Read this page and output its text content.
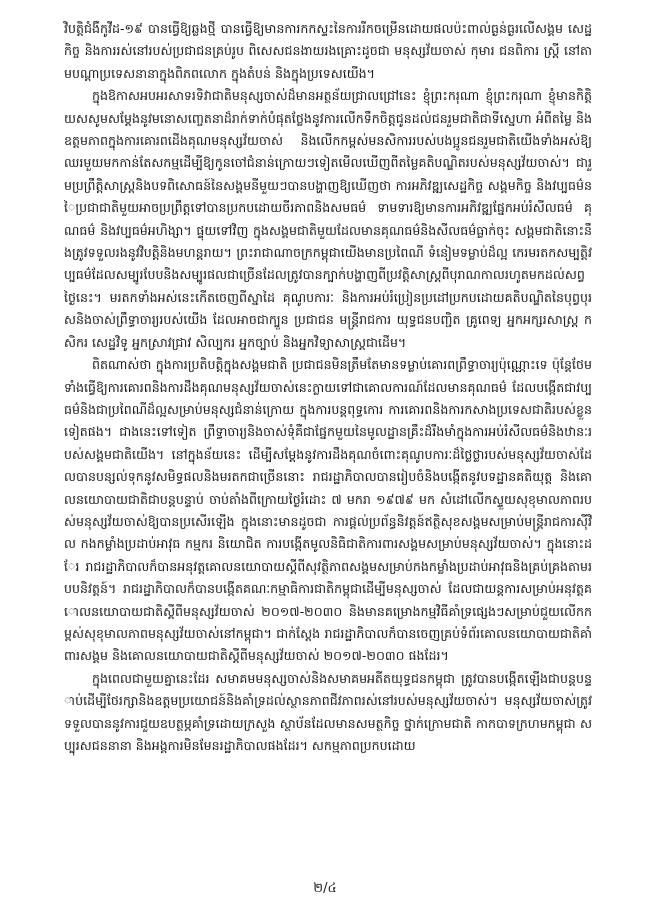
វិបត្តិជំងឺកូវីដ-១៩ បានធ្វើឱ្យឆ្លងថ្មី បានធ្វើឱ្យមានការកកស្ទះនៃការរីកចម្រើនដោយផលប៉ះពាល់ធ្ងន់ធ្ងរលើសង្គម សេដ្ឋកិច្ច និងការរស់នៅរបស់ប្រជាជនគ្រប់រូប ពិសេសជនងាយរងគ្រោះដូចជា មនុស្សវ័យចាស់ កុមារ ជនពិការ ស្ត្រី នៅតាមបណ្តាប្រទេសនានាក្នុងពិភពលោក ក្នុងតំបន់ និងក្នុងប្រទេសយើង។

ក្នុងឱកាសអបអរសាទរទិវាជាតិមនុស្សចាស់ដ៏មានអត្ថន័យជ្រាលជ្រៅនេះ ខ្ញុំព្រះករុណា ខ្ញុំព្រះករុណា ខ្ញុំមានកិត្តិយសសូមសម្តែងនូវមនោសញ្ចេតនាដ៏រាក់ទាក់បំផុតថ្លែងនូវការលើកទឹកចិត្តជូនដល់ជនរួមជាតិជាទីស្នេហា អំពីតម្លៃ និងឧត្តមភាពក្នុងការគោរពដើងគុណមនុស្សវ័យចាស់ និងលើកកម្ពស់មនសិការរបស់បងប្អូនជនរួមជាតិយើងទាំងអស់ឱ្យឈរមួយមកកាន់តែសកម្មដើម្បីឱ្យកូនចៅជំនាន់ក្រោយៗទៀតមើលឃើញពីតម្លៃគតិបណ្ឌិតរបស់មនុស្សវ័យចាស់។ ជារួមប្រព្រឹត្តិសាស្ត្រនិងបទពិសោធន៍នៃសង្គមនីមួយៗបានបង្ហាញឱ្យឃើញថា ការអភិវឌ្ឍសេដ្ឋកិច្ច សង្គមកិច្ច និងវប្បធម៌នៃប្រជាជាតិមួយអាចប្រព្រឹត្តទៅបានប្រកបដោយចីរភាពនិងសមធម៌ ទាមទារឱ្យមានការអភិវឌ្ឍផ្នែកអប់រំសីលធម៌ គុណធម៌ និងវប្បធម៌អហិង្សា។ ផ្ទុយទៅវិញ ក្នុងសង្គមជាតិមួយដែលមានគុណធម៌និងសីលធម៌ធ្លាក់ចុះ សង្គមជាតិនោះនឹងត្រូវទទួលរងនូវវិបត្តិនិងមហន្តរាយ។ ព្រះរាជាណាចក្រកម្ពុជាយើងមានប្រពៃណី ទំនៀមទម្លាប់ដ៏ល្អ កេរមរតកសម្បត្តិវប្បធម៌ដែលសម្បូរបែបនិងសម្បូរផលជាច្រើនដែលត្រូវបានក្បាក់បង្ហាញពីប្រវត្តិសាស្ត្រពីបុរាណកាលរហូតមកដល់សព្វថ្ងៃនេះ។ មរតកទាំងអស់នេះកើតចេញពីស្នាដៃ គុណូបការៈ និងការអប់រំប្រៀនប្រដៅប្រកបដោយគតិបណ្ឌិតនៃបុព្វបុរសនិងចាស់ព្រឹទ្ធាចារ្យរបស់យើង ដែលអាចជាក្បួន ប្រជាជន មន្ត្រីរាជការ យុទ្ធជនបញ្ជិត គ្រូពេទ្យ អ្នកអក្សរសាស្ត្រ កសិករ សេដ្ឋវិទូ អ្នកស្រាវជ្រាវ សិល្បករ អ្នកច្បាប់ និងអ្នកវិទ្យាសាស្ត្រជាដើម។

ពិតណាស់ថា ក្នុងការប្រតិបត្តិក្នុងសង្គមជាតិ ប្រជាជនមិនត្រឹមតែមានទម្លាប់គោរពព្រឹទ្ធាចារ្យប៉ុណ្ណោះទេ ប៉ុន្តែថែមទាំងធ្វើឱ្យការគោរពនិងការដឹងគុណមនុស្សវ័យចាស់នេះក្លាយទៅជាគោលការណ៍ដែលមានគុណធម៌ ដែលបង្កើតជាវប្បធម៌និងជាប្រពៃណីដ៏ល្អសម្រាប់មនុស្សជំនាន់ក្រោយ ក្នុងការបន្តពុទ្ធកោរ ការគោរពនិងការកសាងប្រទេសជាតិរបស់ខ្លួនទៀតផង។ ជាងនេះទៅទៀត ព្រឹទ្ធាចារ្យនិងចាស់ទុំគឺជាផ្នែកមួយនៃមូលដ្ឋានគ្រឹះដ៏រឹងមាំក្នុងការអប់រំសីលធម៌និងឋានៈរបស់សង្គមជាតិយើង។ នៅក្នុងន័យនេះ ដើម្បីសម្តែងនូវការដឹងគុណចំពោះគុណូបការៈដ៏ថ្លៃថ្លារបស់មនុស្សវ័យចាស់ដែលបានបន្សល់ទុកនូវសមិទ្ធផលនិងមរតកជាច្រើននោះ រាជរដ្ឋាភិបាលបានរៀបចំនិងបង្កើតនូវបទដ្ឋានគតិយុត្ត និងគោលនយោបាយជាតិជាបន្តបន្ទាប់ ចាប់តាំងពីក្រោយថ្ងៃរំដោះ ៧ មករា ១៩៧៩ មក សំដៅលើកស្ទួយសុខុមាលភាពរបស់មនុស្សវ័យចាស់ឱ្យបានប្រសើរឡើង ក្នុងនោះមានដូចជា ការផ្តល់ប្រព័ន្ធនិវត្តន៍ឥត្ថិសុខសង្គមសម្រាប់មន្ត្រីរាជការស៊ីវិល កងកម្លាំងប្រដាប់អាវុធ កម្មករ និយោជិត ការបង្កើតមូលនិធិជាតិការពារសង្គមសម្រាប់មនុស្សវ័យចាស់។ ក្នុងនោះដែរ រាជរដ្ឋាភិបាលក៏បានអនុវត្តគោលនយោបាយស្តីពីសុវត្ថិភាពសង្គមសម្រាប់កងកម្លាំងប្រដាប់អាវុធនិងគ្រប់គ្រងតាមរបបនិវត្តន៍។ រាជរដ្ឋាភិបាលក៏បានបង្កើតគណៈកម្មាធិការជាតិកម្ពុជាដើម្បីមនុស្សចាស់ ដែលជាយន្តការសម្រាប់អនុវត្តគោលនយោបាយជាតិស្តីពីមនុស្សវ័យចាស់ ២០១៧-២០៣០ និងមានគម្រោងកម្មវិធីគាំទ្រផ្សេងៗសម្រាប់ជួយលើកកម្ពស់សុខុមាលភាពមនុស្សវ័យចាស់នៅកម្ពុជា។ ជាក់ស្តែង រាជរដ្ឋាភិបាលក៏បានចេញគ្រប់ទំព័រគោលនយោបាយជាតិគាំពារសង្គម និងគោលនយោបាយជាតិស្តីពីមនុស្សវ័យចាស់ ២០១៧-២០៣០ ផងដែរ។

ក្នុងពេលជាមួយគ្នានេះដែរ សមាគមមនុស្សចាស់និងសមាគមអតីតយុទ្ធជនកម្ពុជា ត្រូវបានបង្កើតឡើងជាបន្តបន្ទាប់ដើម្បីថែរក្សានិងឧត្តមប្រយោជន៍និងគាំទ្រដល់ស្ថានភាពជីវភាពរស់នៅរបស់មនុស្សវ័យចាស់។ មនុស្សវ័យចាស់ត្រូវទទួលបាននូវការជួយឧបត្ថម្ភគាំទ្រដោយក្រសួង ស្ថាប័នដែលមានសមត្ថកិច្ច ថ្នាក់ក្រោមជាតិ កាកបាទក្រហមកម្ពុជា សប្បុរសជននានា និងអង្គការមិនមែនរដ្ឋាភិបាលផងដែរ។ សកម្មភាពប្រកបដោយ

២/៤
